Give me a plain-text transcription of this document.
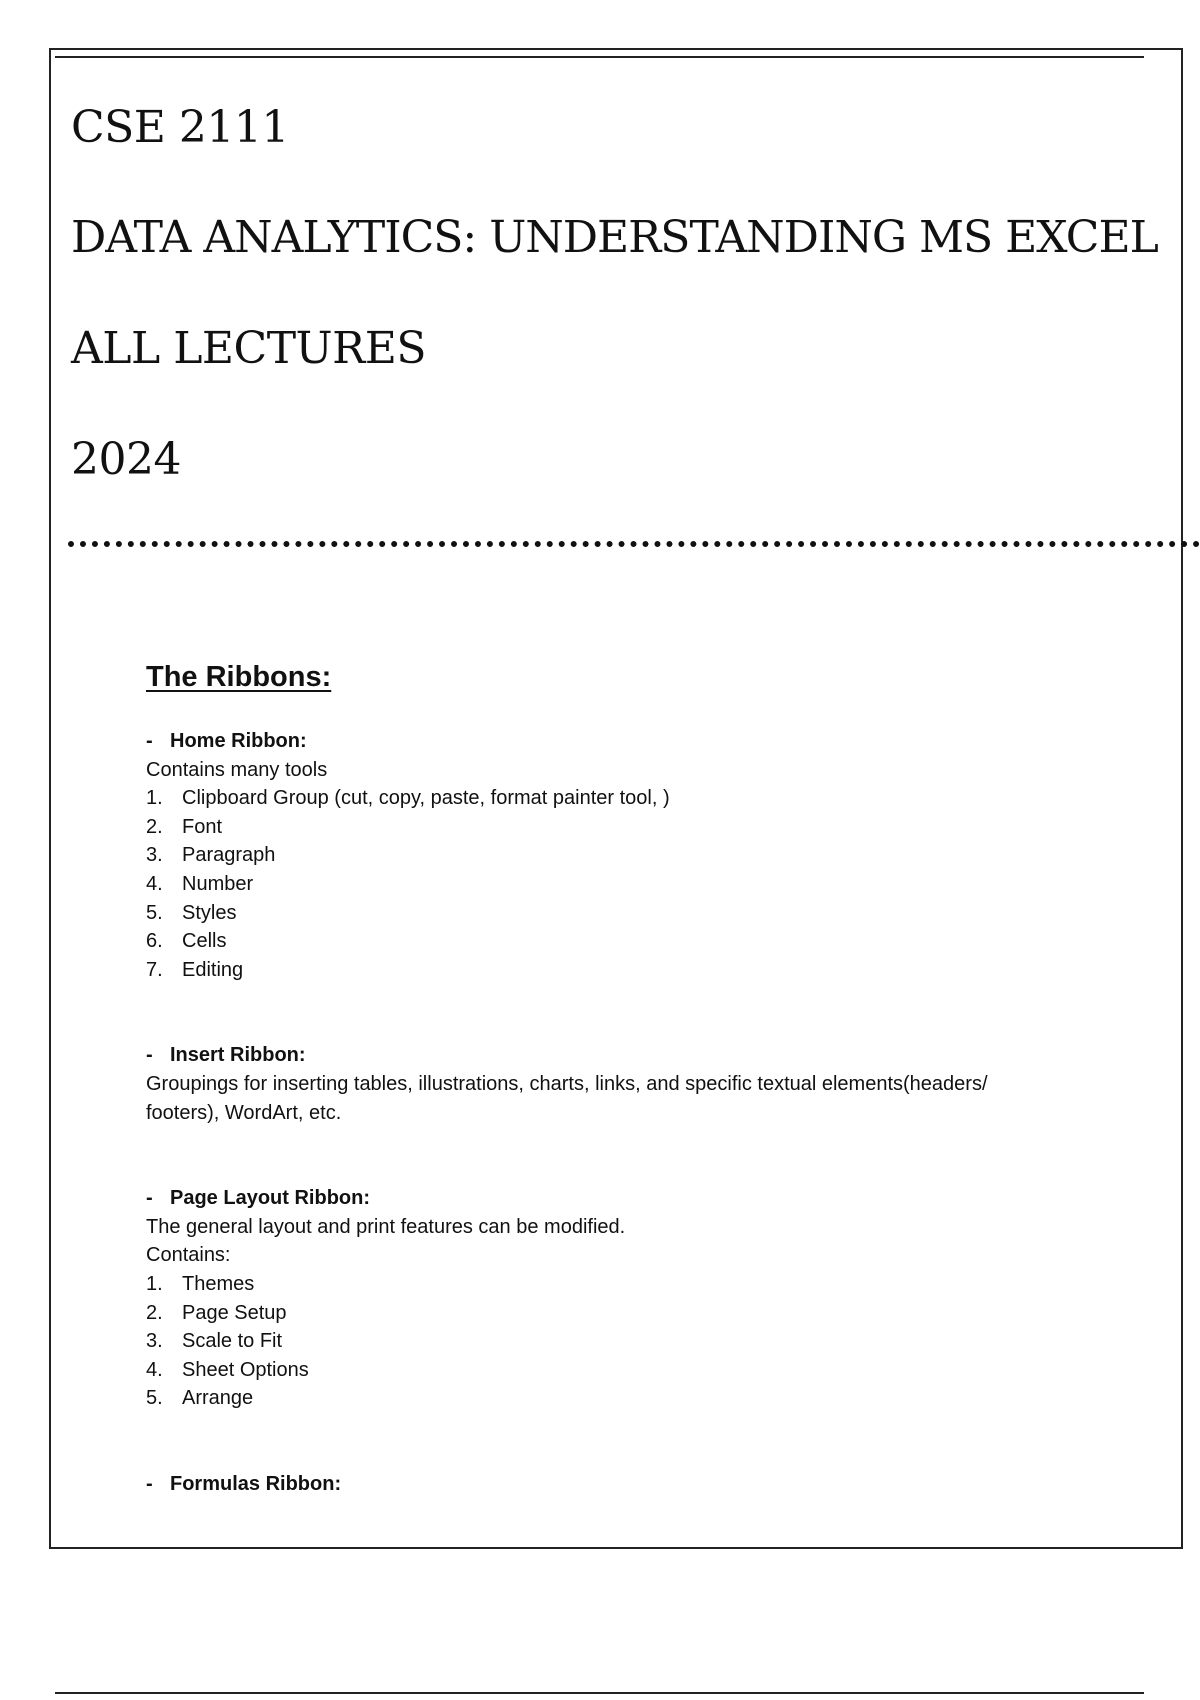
CSE 2111
DATA ANALYTICS: UNDERSTANDING MS EXCEL
ALL LECTURES
2024
The Ribbons:

- Home Ribbon:

Contains many tools

1. Clipboard Group (cut, copy, paste, format painter tool, )
2. Font
3. Paragraph
4. Number
5. Styles
6. Cells
7. Editing

- Insert Ribbon:

Groupings for inserting tables, illustrations, charts, links, and specific textual elements(headers/

footers), WordArt, etc.

- Page Layout Ribbon:

The general layout and print features can be modified.

Contains:

1. Themes
2. Page Setup
3. Scale to Fit
4. Sheet Options
5. Arrange

- Formulas Ribbon:
